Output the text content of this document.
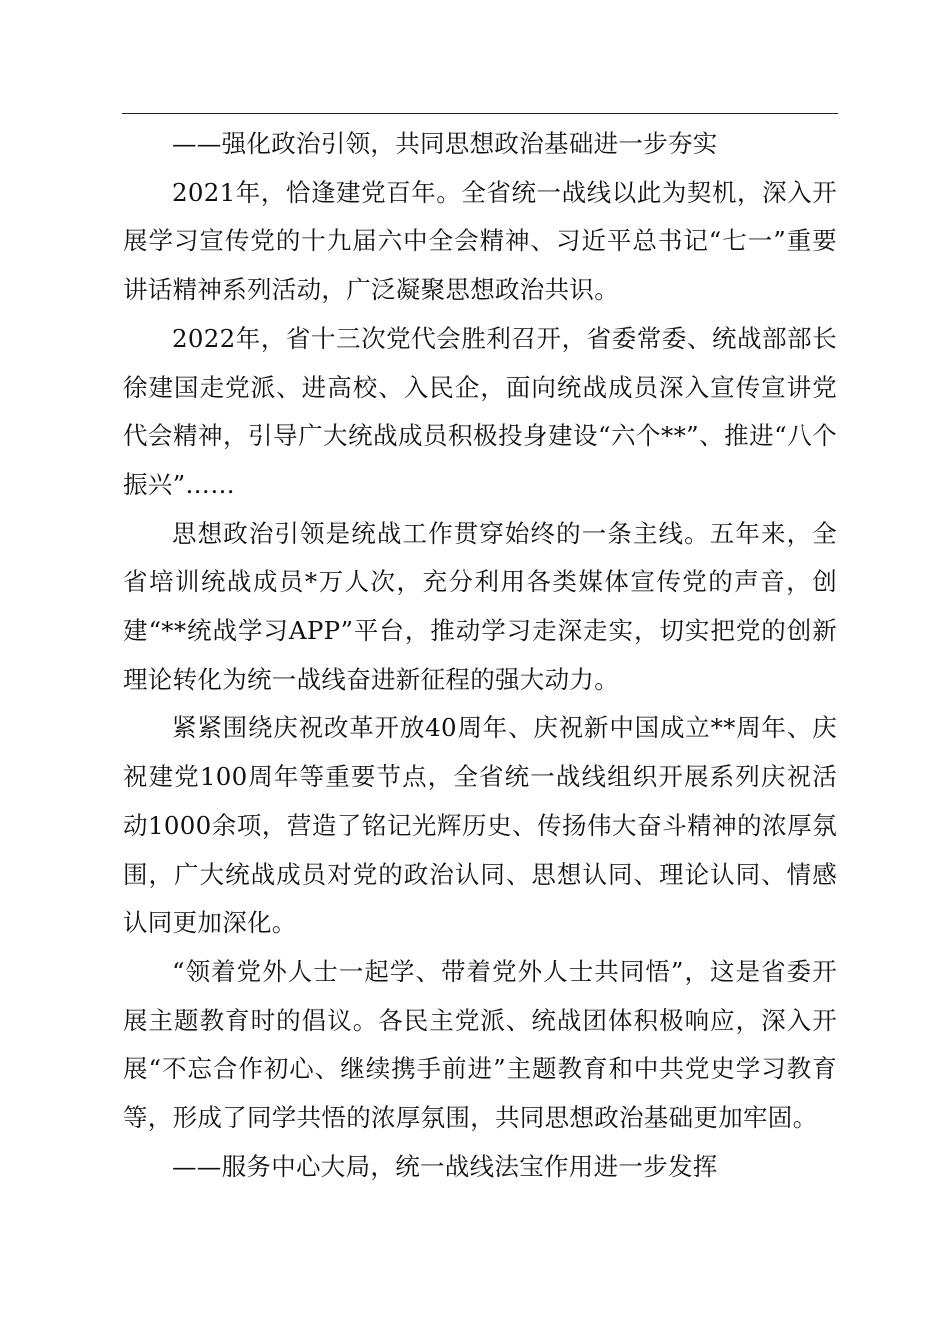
——强化政治引领，共同思想政治基础进一步夯实

2021年，恰逢建党百年。全省统一战线以此为契机，深入开展学习宣传党的十九届六中全会精神、习近平总书记“七一”重要讲话精神系列活动，广泛凝聚思想政治共识。

2022年，省十三次党代会胜利召开，省委常委、统战部部长徐建国走党派、进高校、入民企，面向统战成员深入宣传宣讲党代会精神，引导广大统战成员积极投身建设“六个**”、推进“八个振兴”……

思想政治引领是统战工作贯穿始终的一条主线。五年来，全省培训统战成员*万人次，充分利用各类媒体宣传党的声音，创建“**统战学习APP”平台，推动学习走深走实，切实把党的创新理论转化为统一战线奋进新征程的强大动力。

紧紧围绕庆祝改革开放40周年、庆祝新中国成立**周年、庆祝建党100周年等重要节点，全省统一战线组织开展系列庆祝活动1000余项，营造了铭记光辉历史、传扬伟大奋斗精神的浓厚氛围，广大统战成员对党的政治认同、思想认同、理论认同、情感认同更加深化。

“领着党外人士一起学、带着党外人士共同悟”，这是省委开展主题教育时的倡议。各民主党派、统战团体积极响应，深入开展“不忘合作初心、继续携手前进”主题教育和中共党史学习教育等，形成了同学共悟的浓厚氛围，共同思想政治基础更加牢固。

——服务中心大局，统一战线法宝作用进一步发挥
